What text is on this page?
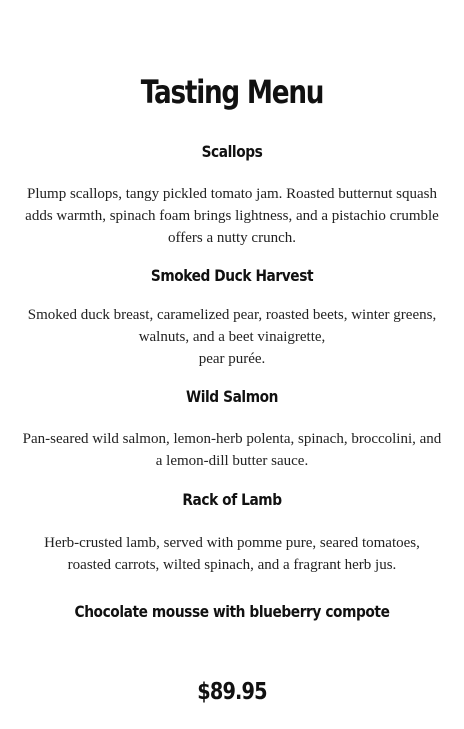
Tasting Menu
Scallops

Plump scallops, tangy pickled tomato jam. Roasted butternut squash adds warmth, spinach foam brings lightness, and a pistachio crumble offers a nutty crunch.

Smoked Duck Harvest

Smoked duck breast, caramelized pear, roasted beets, winter greens, walnuts, and a beet vinaigrette,
pear purée.

Wild Salmon

Pan-seared wild salmon, lemon-herb polenta, spinach, broccolini, and a lemon-dill butter sauce.

Rack of Lamb

Herb-crusted lamb, served with pomme pure, seared tomatoes, roasted carrots, wilted spinach, and a fragrant herb jus.

Chocolate mousse with blueberry compote
$89.95
